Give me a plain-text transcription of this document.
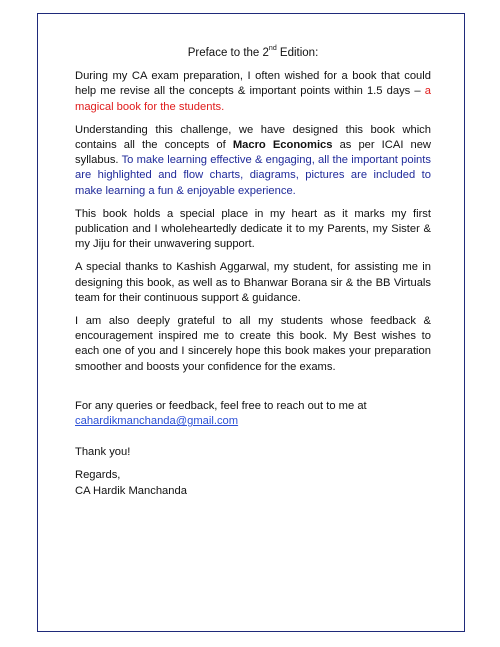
Preface to the 2nd Edition:

During my CA exam preparation, I often wished for a book that could help me revise all the concepts & important points within 1.5 days – a magical book for the students.

Understanding this challenge, we have designed this book which contains all the concepts of Macro Economics as per ICAI new syllabus. To make learning effective & engaging, all the important points are highlighted and flow charts, diagrams, pictures are included to make learning a fun & enjoyable experience.

This book holds a special place in my heart as it marks my first publication and I wholeheartedly dedicate it to my Parents, my Sister & my Jiju for their unwavering support.

A special thanks to Kashish Aggarwal, my student, for assisting me in designing this book, as well as to Bhanwar Borana sir & the BB Virtuals team for their continuous support & guidance.

I am also deeply grateful to all my students whose feedback & encouragement inspired me to create this book. My Best wishes to each one of you and I sincerely hope this book makes your preparation smoother and boosts your confidence for the exams.

For any queries or feedback, feel free to reach out to me at
cahardikmanchanda@gmail.com

Thank you!

Regards,

CA Hardik Manchanda
